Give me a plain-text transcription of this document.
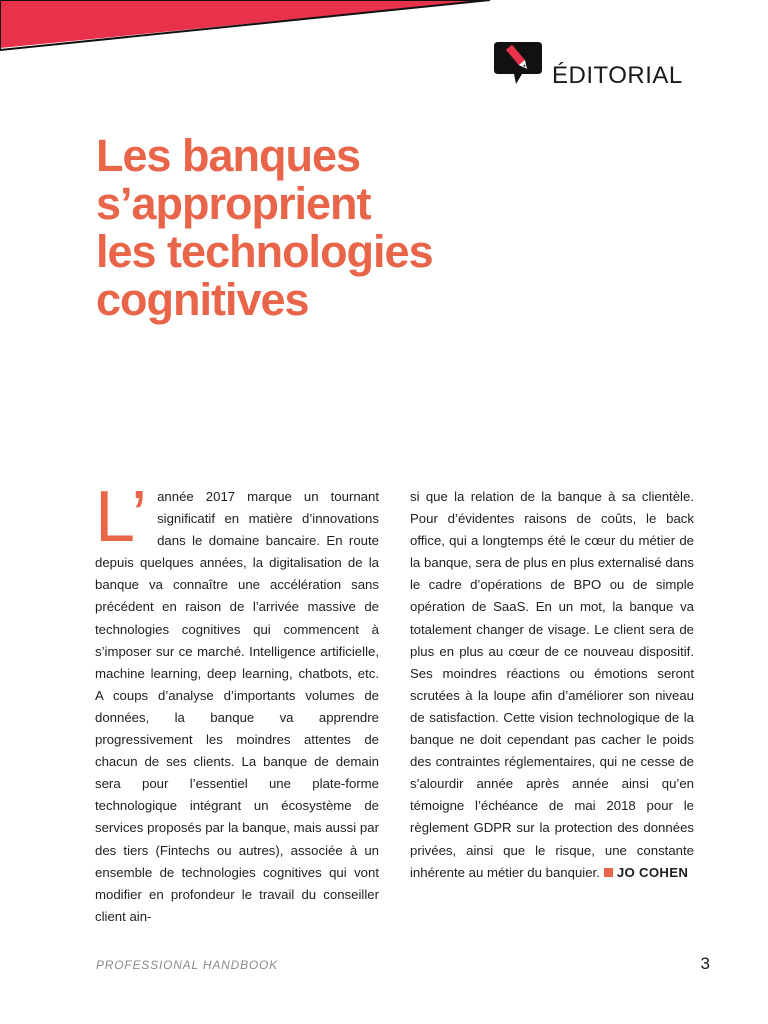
ÉDITORIAL
Les banques
s’approprient
les technologies
cognitives

L’ année 2017 marque un tournant significatif en matière d’innovations dans le domaine bancaire. En route depuis quelques années, la digitalisation de la banque va connaître une accélération sans précédent en raison de l’arrivée massive de technologies cognitives qui commencent à s’imposer sur ce marché. Intelligence artificielle, machine learning, deep learning, chatbots, etc. A coups d’analyse d’importants volumes de données, la banque va apprendre progressivement les moindres attentes de chacun de ses clients. La banque de demain sera pour l’essentiel une plate-forme technologique intégrant un écosystème de services proposés par la banque, mais aussi par des tiers (Fintechs ou autres), associée à un ensemble de technologies cognitives qui vont modifier en profondeur le travail du conseiller client ain-

si que la relation de la banque à sa clientèle. Pour d’évidentes raisons de coûts, le back office, qui a longtemps été le cœur du métier de la banque, sera de plus en plus externalisé dans le cadre d’opérations de BPO ou de simple opération de SaaS. En un mot, la banque va totalement changer de visage. Le client sera de plus en plus au cœur de ce nouveau dispositif. Ses moindres réactions ou émotions seront scrutées à la loupe afin d’améliorer son niveau de satisfaction. Cette vision technologique de la banque ne doit cependant pas cacher le poids des contraintes réglementaires, qui ne cesse de s’alourdir année après année ainsi qu’en témoigne l’échéance de mai 2018 pour le règlement GDPR sur la protection des données privées, ainsi que le risque, une constante inhérente au métier du banquier. JO COHEN

PROFESSIONAL HANDBOOK	3
